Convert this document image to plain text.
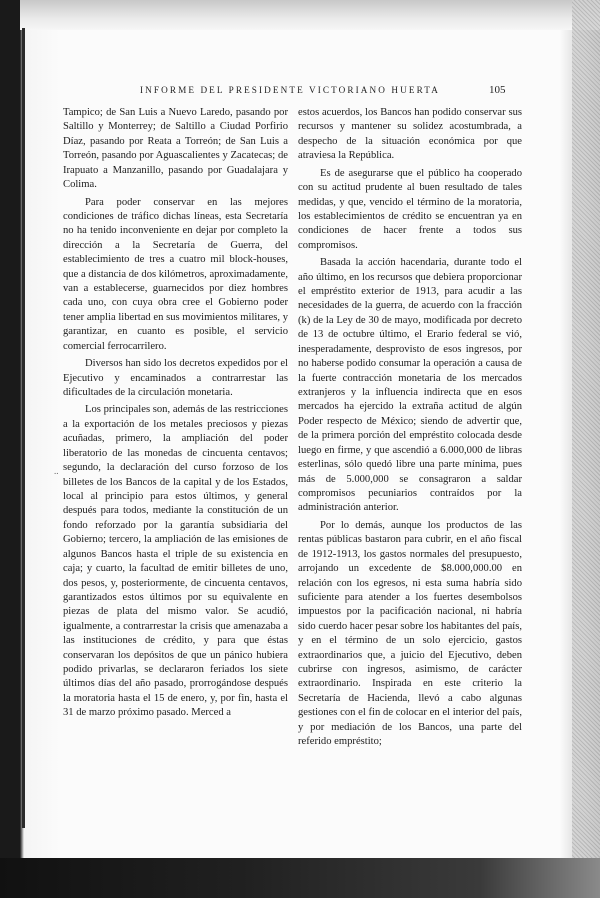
INFORME DEL PRESIDENTE VICTORIANO HUERTA	105
..

Tampico; de San Luis a Nuevo Laredo, pasando por Saltillo y Monterrey; de Saltillo a Ciudad Porfirio Díaz, pasando por Reata a Torreón; de San Luis a Torreón, pasando por Aguascalientes y Zacatecas; de Irapuato a Manzanillo, pasando por Guadalajara y Colima.

Para poder conservar en las mejores condiciones de tráfico dichas líneas, esta Secretaría no ha tenido inconveniente en dejar por completo la dirección a la Secretaría de Guerra, del establecimiento de tres a cuatro mil block-houses, que a distancia de dos kilómetros, aproximadamente, van a establecerse, guarnecidos por diez hombres cada uno, con cuya obra cree el Gobierno poder tener amplia libertad en sus movimientos militares, y garantizar, en cuanto es posible, el servicio comercial ferrocarrilero.

Diversos han sido los decretos expedidos por el Ejecutivo y encaminados a contrarrestar las dificultades de la circulación monetaria.

Los principales son, además de las restricciones a la exportación de los metales preciosos y piezas acuñadas, primero, la ampliación del poder liberatorio de las monedas de cincuenta centavos; segundo, la declaración del curso forzoso de los billetes de los Bancos de la capital y de los Estados, local al principio para estos últimos, y general después para todos, mediante la constitución de un fondo reforzado por la garantía subsidiaria del Gobierno; tercero, la ampliación de las emisiones de algunos Bancos hasta el triple de su existencia en caja; y cuarto, la facultad de emitir billetes de uno, dos pesos, y, posteriormente, de cincuenta centavos, garantizados estos últimos por su equivalente en piezas de plata del mismo valor. Se acudió, igualmente, a contrarrestar la crisis que amenazaba a las instituciones de crédito, y para que éstas conservaran los depósitos de que un pánico hubiera podido privarlas, se declararon feriados los siete últimos días del año pasado, prorrogándose después la moratoria hasta el 15 de enero, y, por fin, hasta el 31 de marzo próximo pasado. Merced a

estos acuerdos, los Bancos han podido conservar sus recursos y mantener su solidez acostumbrada, a despecho de la situación económica por que atraviesa la República.

Es de asegurarse que el público ha cooperado con su actitud prudente al buen resultado de tales medidas, y que, vencido el término de la moratoria, los establecimientos de crédito se encuentran ya en condiciones de hacer frente a todos sus compromisos.

Basada la acción hacendaria, durante todo el año último, en los recursos que debiera proporcionar el empréstito exterior de 1913, para acudir a las necesidades de la guerra, de acuerdo con la fracción (k) de la Ley de 30 de mayo, modificada por decreto de 13 de octubre último, el Erario federal se vió, inesperadamente, desprovisto de esos ingresos, por no haberse podido consumar la operación a causa de la fuerte contracción monetaria de los mercados extranjeros y la influencia indirecta que en esos mercados ha ejercido la extraña actitud de algún Poder respecto de México; siendo de advertir que, de la primera porción del empréstito colocada desde luego en firme, y que ascendió a 6.000,000 de libras esterlinas, sólo quedó libre una parte mínima, pues más de 5.000,000 se consagraron a saldar compromisos pecuniarios contraídos por la administración anterior.

Por lo demás, aunque los productos de las rentas públicas bastaron para cubrir, en el año fiscal de 1912-1913, los gastos normales del presupuesto, arrojando un excedente de $8.000,000.00 en relación con los egresos, ni esta suma habría sido suficiente para atender a los fuertes desembolsos impuestos por la pacificación nacional, ni habría sido cuerdo hacer pesar sobre los habitantes del país, y en el término de un solo ejercicio, gastos extraordinarios que, a juicio del Ejecutivo, deben cubrirse con ingresos, asimismo, de carácter extraordinario. Inspirada en este criterio la Secretaría de Hacienda, llevó a cabo algunas gestiones con el fin de colocar en el interior del país, y por mediación de los Bancos, una parte del referido empréstito;
